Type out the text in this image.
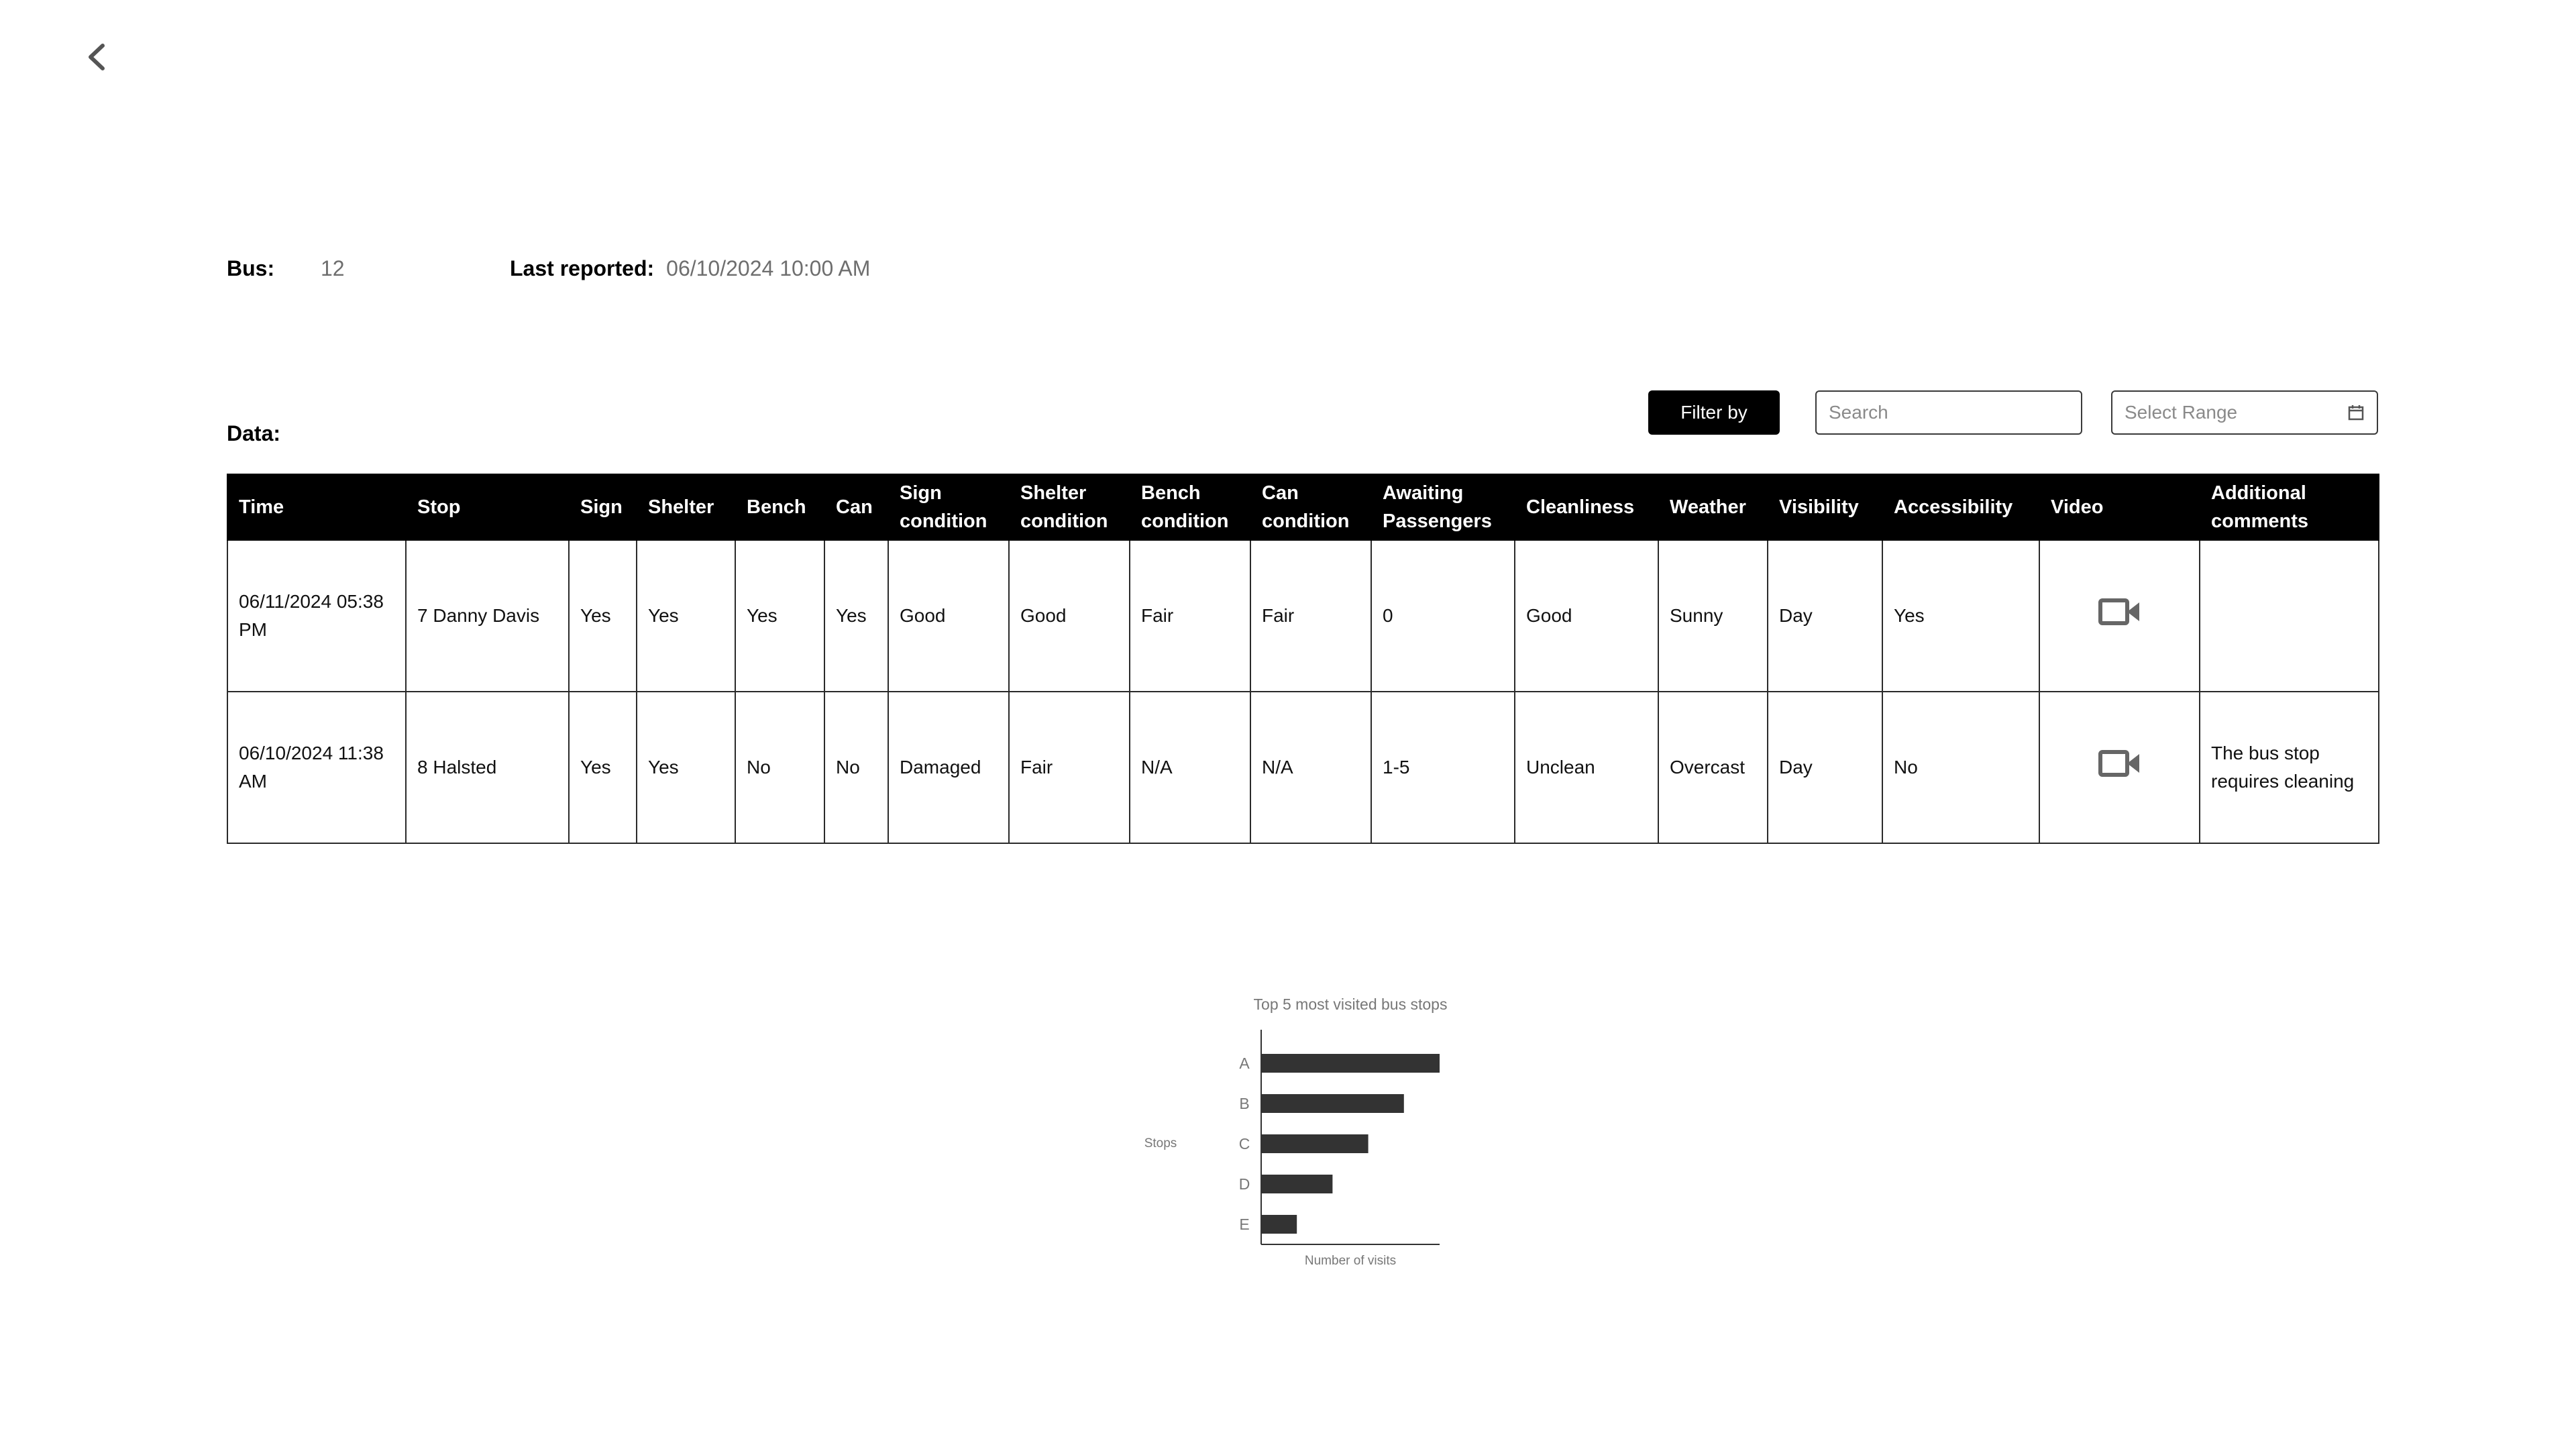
Bus:	12	Last reported: 06/10/2024 10:00 AM
Data:
Filter by
Search	Select Range
Time	Stop	Sign	Shelter	Bench	Can	Sign condition	Shelter condition	Bench condition	Can condition	Awaiting Passengers	Cleanliness	Weather	Visibility	Accessibility	Video	Additional comments
06/11/2024 05:38 PM	7 Danny Davis	Yes	Yes	Yes	Yes	Good	Good	Fair	Fair	0	Good	Sunny	Day	Yes		
06/10/2024 11:38 AM	8 Halsted	Yes	Yes	No	No	Damaged	Fair	N/A	N/A	1-5	Unclean	Overcast	Day	No		The bus stop requires cleaning
Top 5 most visited bus stops
Stops
A
B
C
D
E
Number of visits
